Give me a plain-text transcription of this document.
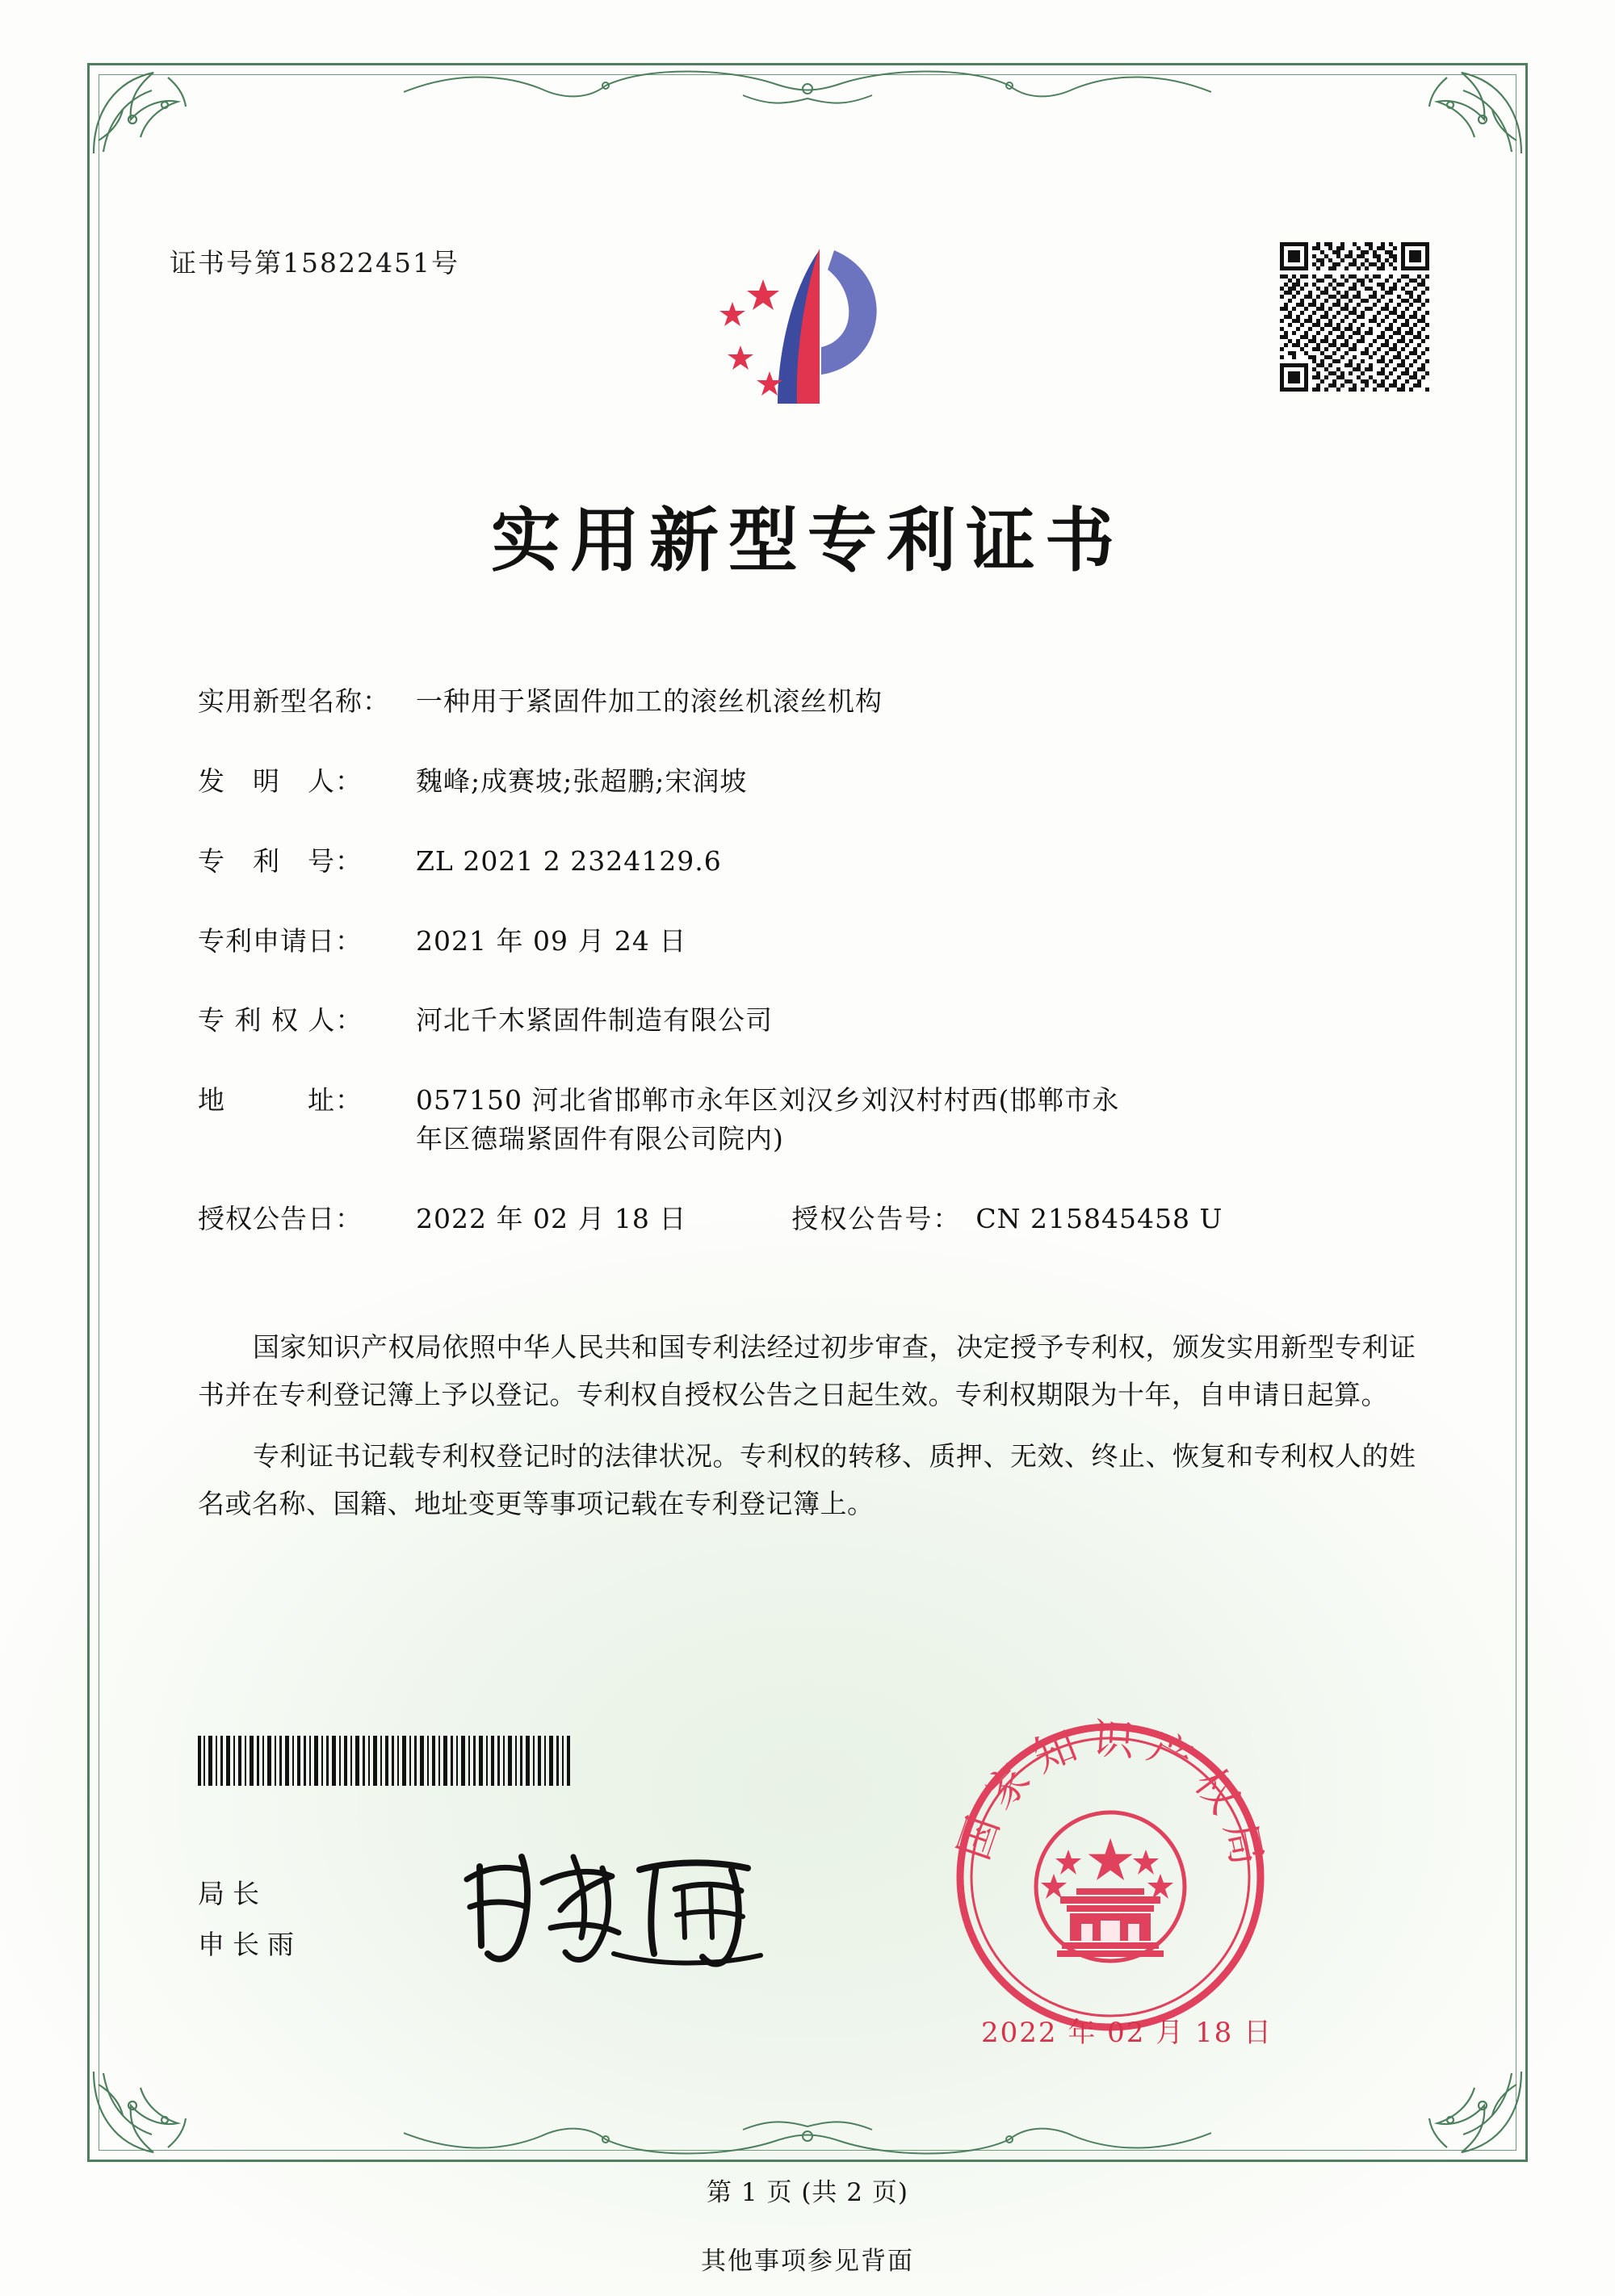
证书号第15822451号
实用新型专利证书
实用新型名称： 一种用于紧固件加工的滚丝机滚丝机构
发　明　人：	魏峰;成赛坡;张超鹏;宋润坡
专　利　号：	ZL 2021 2 2324129.6
专利申请日：	2021 年 09 月 24 日
专 利 权 人：	河北千木紧固件制造有限公司
地　　　址：	057150 河北省邯郸市永年区刘汉乡刘汉村村西(邯郸市永
年区德瑞紧固件有限公司院内)
授权公告日：	2022 年 02 月 18 日	授权公告号： CN 215845458 U

国家知识产权局依照中华人民共和国专利法经过初步审查，决定授予专利权，颁发实用新型专利证书并在专利登记簿上予以登记。专利权自授权公告之日起生效。专利权期限为十年，自申请日起算。

专利证书记载专利权登记时的法律状况。专利权的转移、质押、无效、终止、恢复和专利权人的姓名或名称、国籍、地址变更等事项记载在专利登记簿上。

局长
申长雨
国家知识产权局
2022 年 02 月 18 日
第 1 页 (共 2 页)
其他事项参见背面
